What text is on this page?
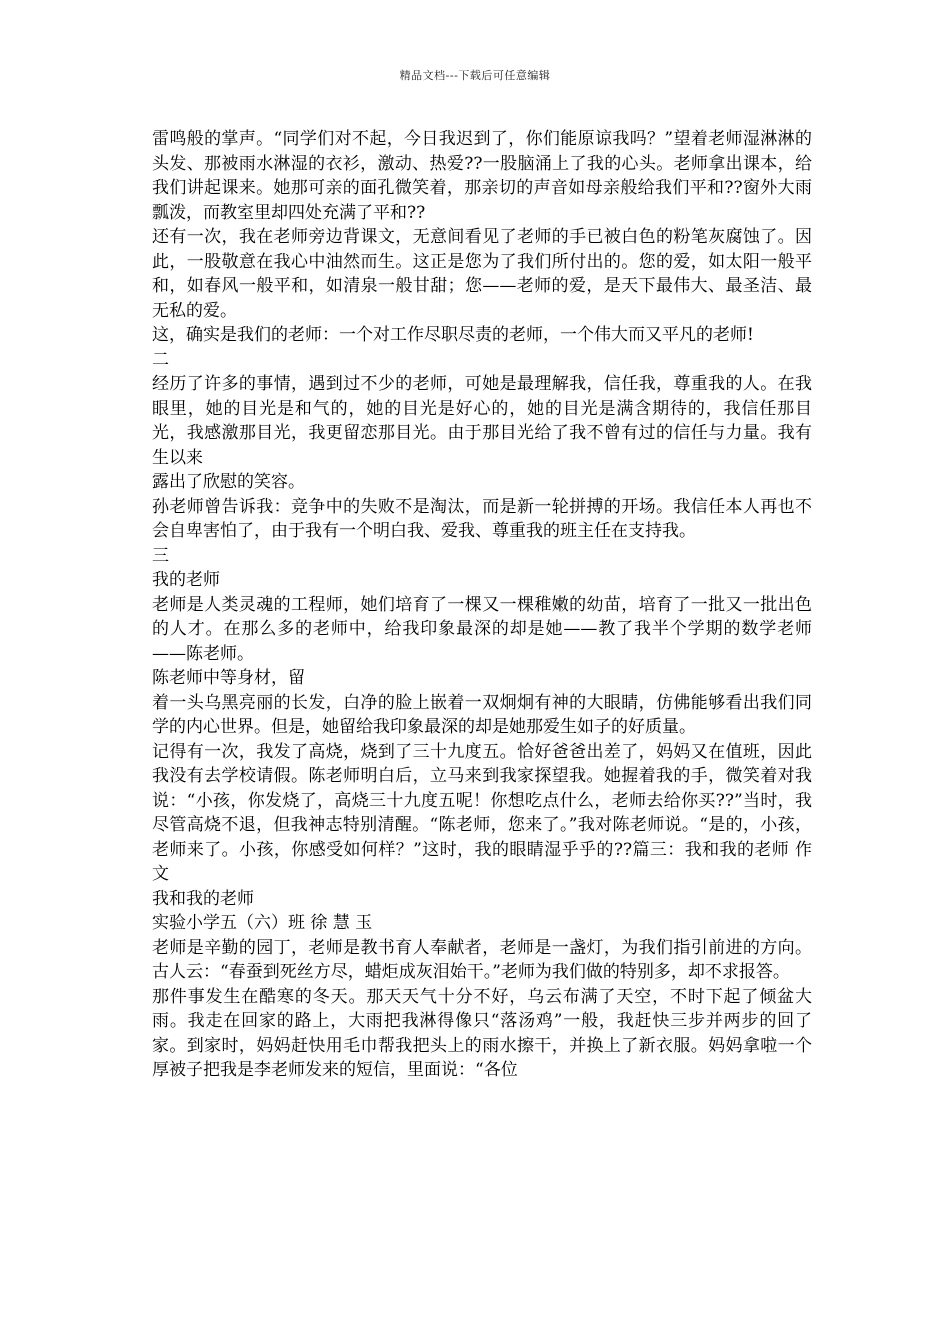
精品文档---下载后可任意编辑

雷鸣般的掌声。“同学们对不起，今日我迟到了，你们能原谅我吗？”望着老师湿淋淋的头发、那被雨水淋湿的衣衫，激动、热爱??一股脑涌上了我的心头。老师拿出课本，给我们讲起课来。她那可亲的面孔微笑着，那亲切的声音如母亲般给我们平和??窗外大雨瓢泼，而教室里却四处充满了平和??

还有一次，我在老师旁边背课文，无意间看见了老师的手已被白色的粉笔灰腐蚀了。因此，一股敬意在我心中油然而生。这正是您为了我们所付出的。您的爱，如太阳一般平和，如春风一般平和，如清泉一般甘甜；您——老师的爱，是天下最伟大、最圣洁、最无私的爱。

这，确实是我们的老师：一个对工作尽职尽责的老师，一个伟大而又平凡的老师!

二

经历了许多的事情，遇到过不少的老师，可她是最理解我，信任我，尊重我的人。在我眼里，她的目光是和气的，她的目光是好心的，她的目光是满含期待的，我信任那目光，我感激那目光，我更留恋那目光。由于那目光给了我不曾有过的信任与力量。我有生以来

露出了欣慰的笑容。

孙老师曾告诉我：竞争中的失败不是淘汰，而是新一轮拼搏的开场。我信任本人再也不会自卑害怕了，由于我有一个明白我、爱我、尊重我的班主任在支持我。

三

我的老师

老师是人类灵魂的工程师，她们培育了一棵又一棵稚嫩的幼苗，培育了一批又一批出色的人才。在那么多的老师中，给我印象最深的却是她——教了我半个学期的数学老师——陈老师。

陈老师中等身材，留

着一头乌黑亮丽的长发，白净的脸上嵌着一双炯炯有神的大眼睛，仿佛能够看出我们同学的内心世界。但是，她留给我印象最深的却是她那爱生如子的好质量。

记得有一次，我发了高烧，烧到了三十九度五。恰好爸爸出差了，妈妈又在值班，因此我没有去学校请假。陈老师明白后，立马来到我家探望我。她握着我的手，微笑着对我说：“小孩，你发烧了，高烧三十九度五呢！你想吃点什么，老师去给你买??”当时，我尽管高烧不退，但我神志特别清醒。“陈老师，您来了。”我对陈老师说。“是的，小孩，老师来了。小孩，你感受如何样？”这时，我的眼睛湿乎乎的??篇三：我和我的老师 作文

我和我的老师

实验小学五（六）班 徐 慧 玉

老师是辛勤的园丁，老师是教书育人奉献者，老师是一盏灯，为我们指引前进的方向。古人云：“春蚕到死丝方尽，蜡炬成灰泪始干。”老师为我们做的特别多，却不求报答。

那件事发生在酷寒的冬天。那天天气十分不好，乌云布满了天空，不时下起了倾盆大雨。我走在回家的路上，大雨把我淋得像只“落汤鸡”一般，我赶快三步并两步的回了家。到家时，妈妈赶快用毛巾帮我把头上的雨水擦干，并换上了新衣服。妈妈拿啦一个厚被子把我是李老师发来的短信，里面说：“各位
